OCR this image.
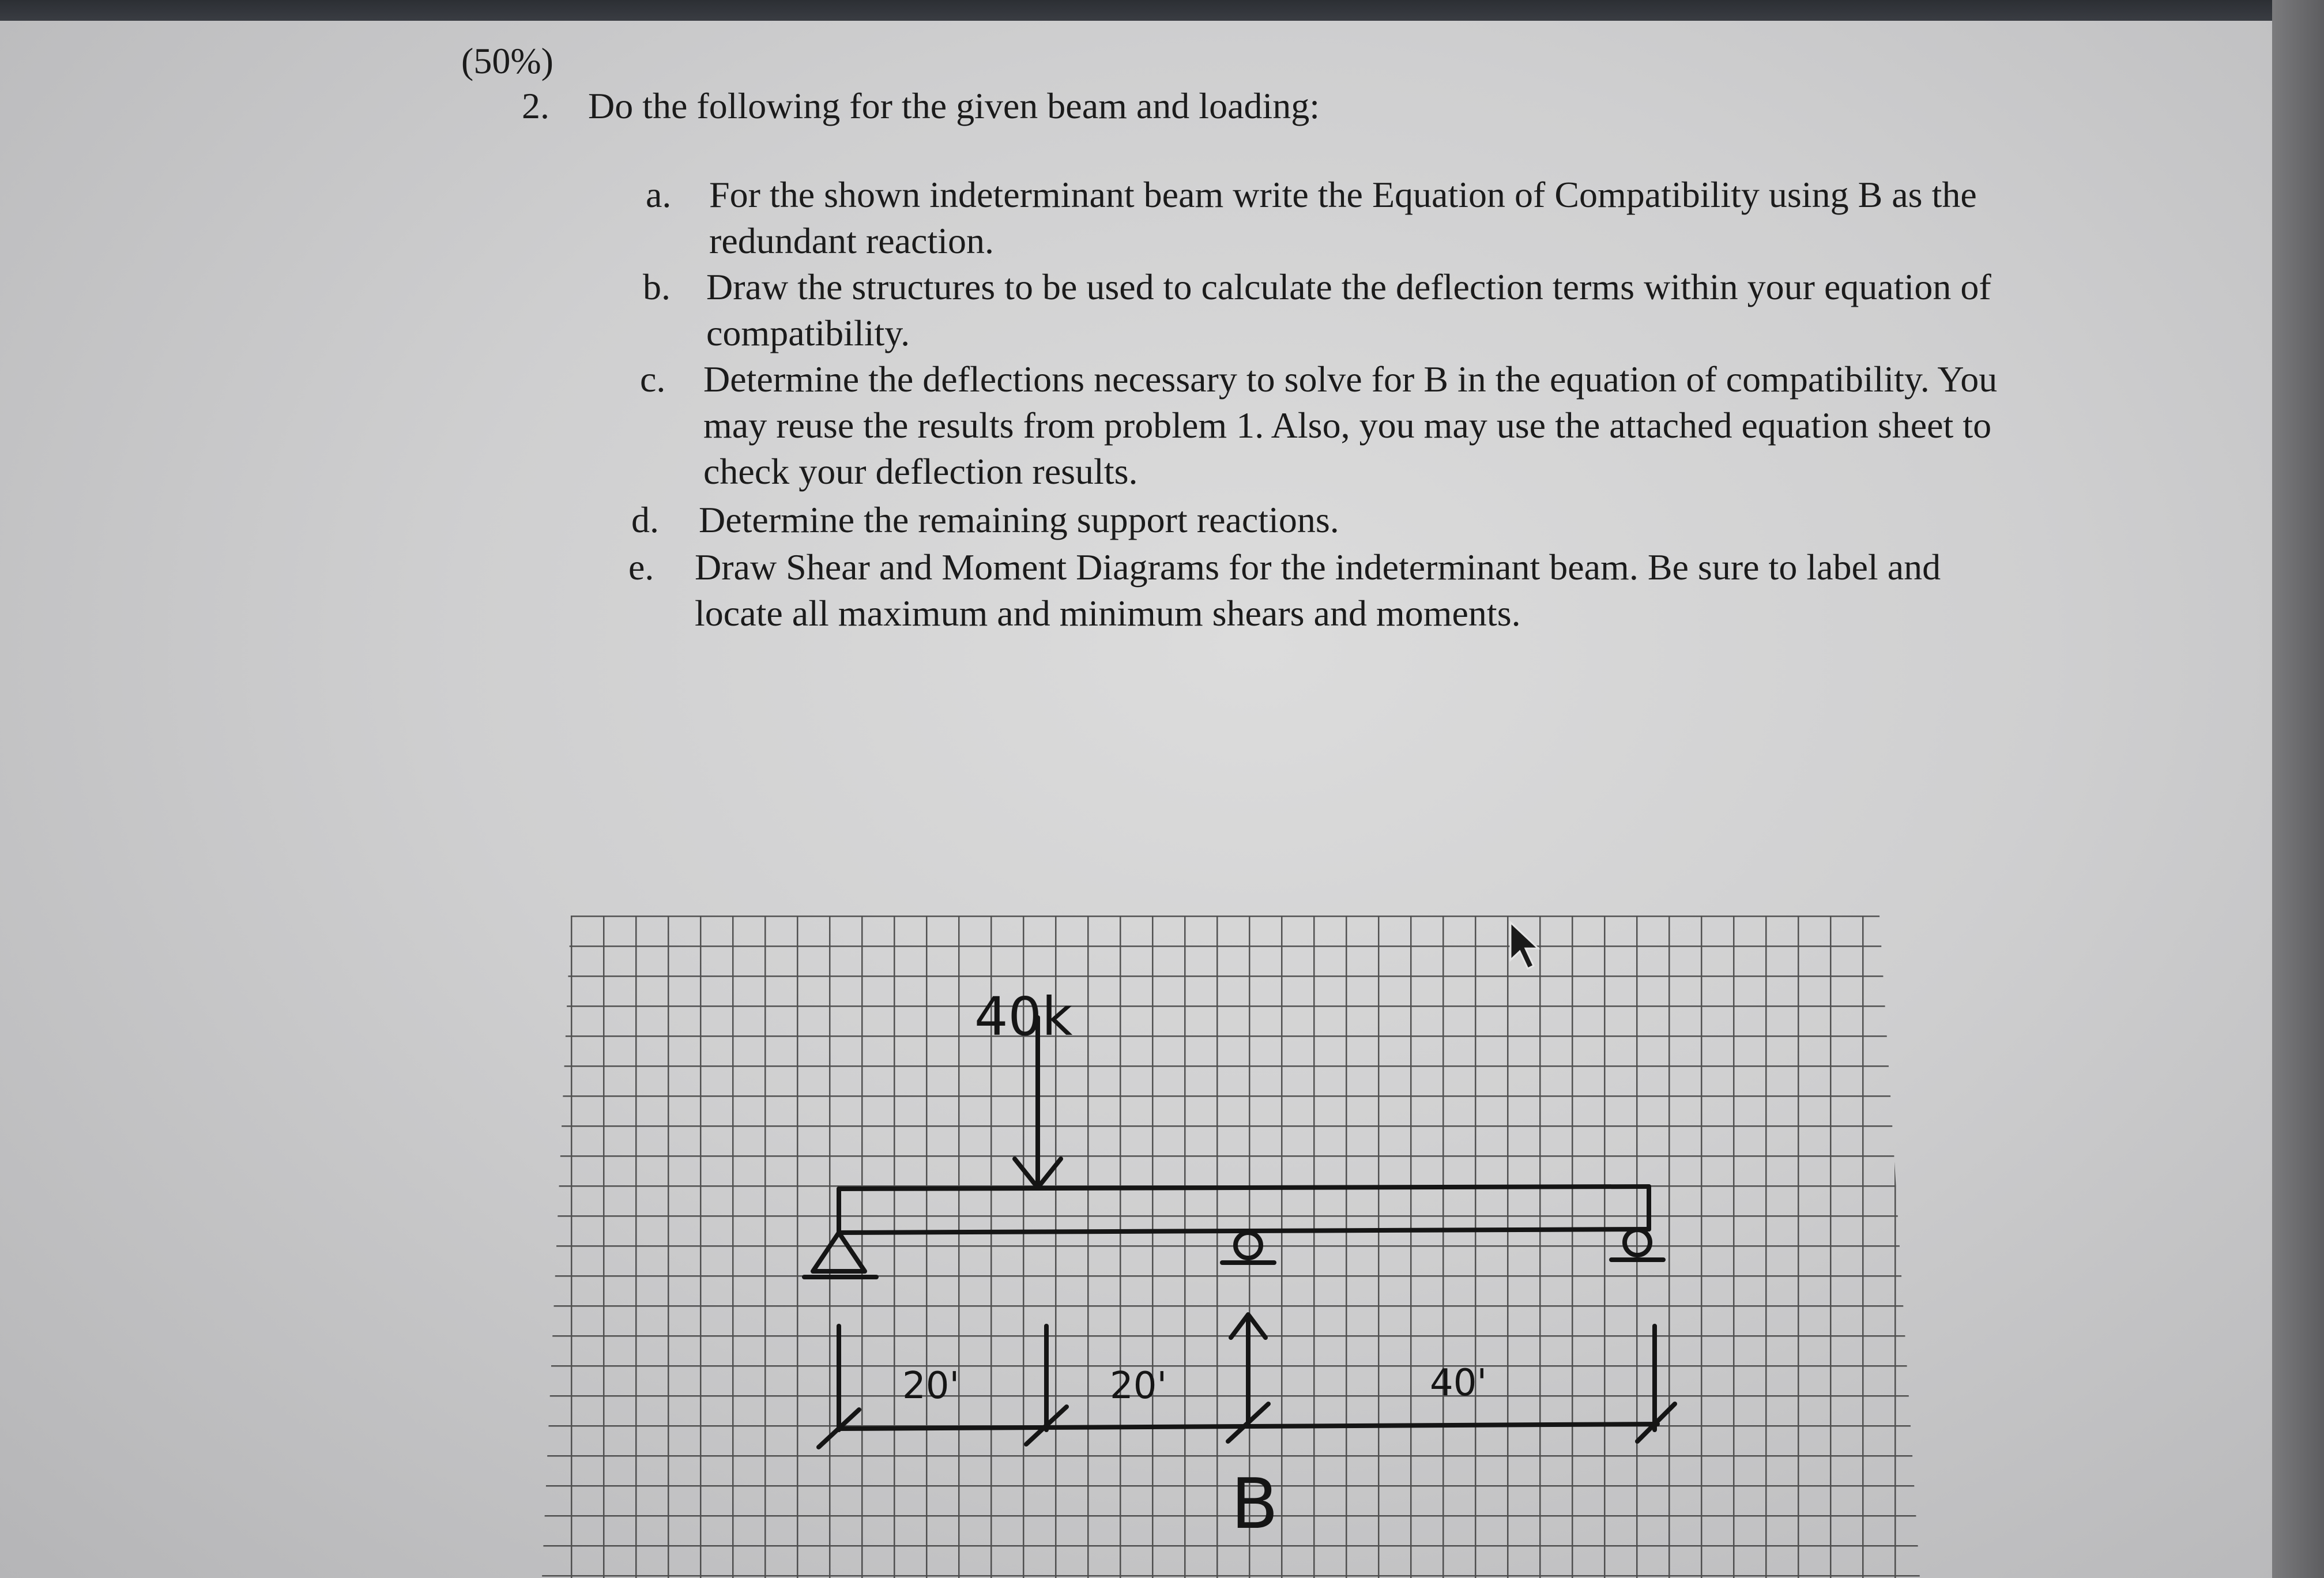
(50%)
2. Do the following for the given beam and loading:
a. For the shown indeterminant beam write the Equation of Compatibility using B as the redundant reaction.
b. Draw the structures to be used to calculate the deflection terms within your equation of compatibility.
c. Determine the deflections necessary to solve for B in the equation of compatibility. You may reuse the results from problem 1. Also, you may use the attached equation sheet to check your deflection results.
d. Determine the remaining support reactions.
e. Draw Shear and Moment Diagrams for the indeterminant beam. Be sure to label and locate all maximum and minimum shears and moments.
40k
20'	20'	40'
B
